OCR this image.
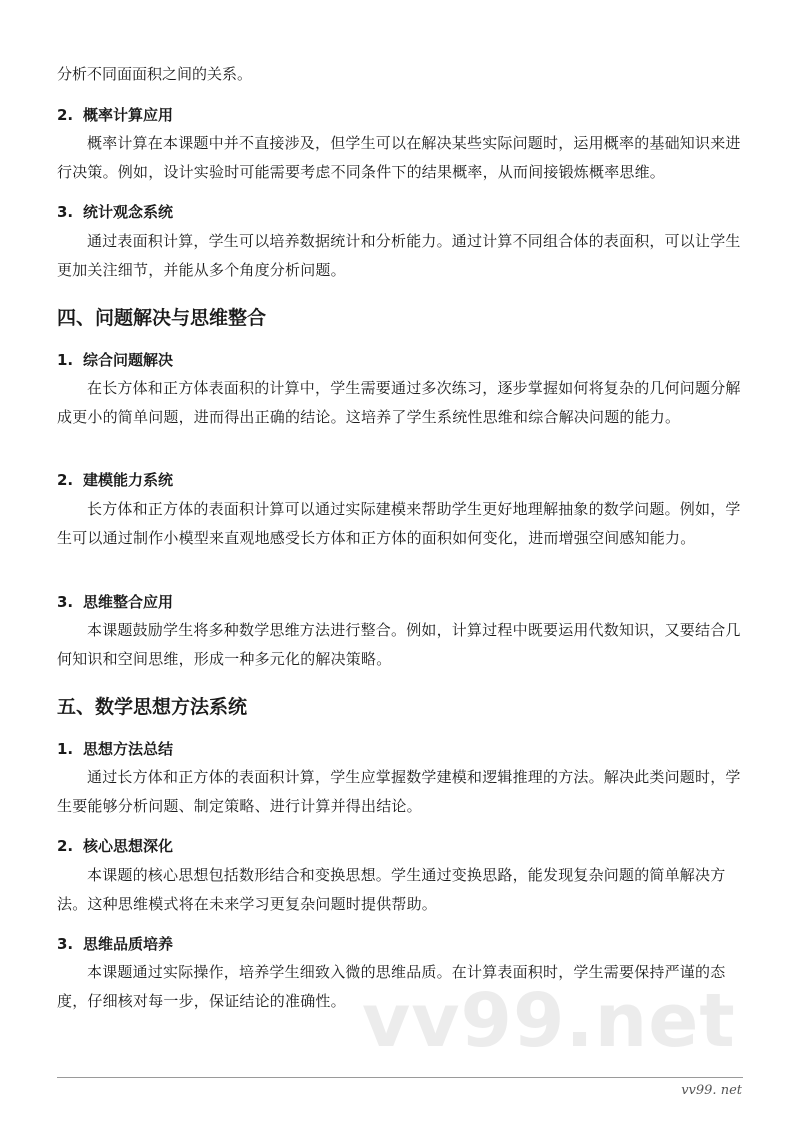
分析不同面面积之间的关系。
2. 概率计算应用
概率计算在本课题中并不直接涉及，但学生可以在解决某些实际问题时，运用概率的基础知识来进行决策。例如，设计实验时可能需要考虑不同条件下的结果概率，从而间接锻炼概率思维。
3. 统计观念系统
通过表面积计算，学生可以培养数据统计和分析能力。通过计算不同组合体的表面积，可以让学生更加关注细节，并能从多个角度分析问题。
四、问题解决与思维整合
1. 综合问题解决
在长方体和正方体表面积的计算中，学生需要通过多次练习，逐步掌握如何将复杂的几何问题分解成更小的简单问题，进而得出正确的结论。这培养了学生系统性思维和综合解决问题的能力。
2. 建模能力系统
长方体和正方体的表面积计算可以通过实际建模来帮助学生更好地理解抽象的数学问题。例如，学生可以通过制作小模型来直观地感受长方体和正方体的面积如何变化，进而增强空间感知能力。
3. 思维整合应用
本课题鼓励学生将多种数学思维方法进行整合。例如，计算过程中既要运用代数知识，又要结合几何知识和空间思维，形成一种多元化的解决策略。
五、数学思想方法系统
1. 思想方法总结
通过长方体和正方体的表面积计算，学生应掌握数学建模和逻辑推理的方法。解决此类问题时，学生要能够分析问题、制定策略、进行计算并得出结论。
2. 核心思想深化
本课题的核心思想包括数形结合和变换思想。学生通过变换思路，能发现复杂问题的简单解决方法。这种思维模式将在未来学习更复杂问题时提供帮助。
3. 思维品质培养
本课题通过实际操作，培养学生细致入微的思维品质。在计算表面积时，学生需要保持严谨的态度，仔细核对每一步，保证结论的准确性。 vv99.net
vv99. net
